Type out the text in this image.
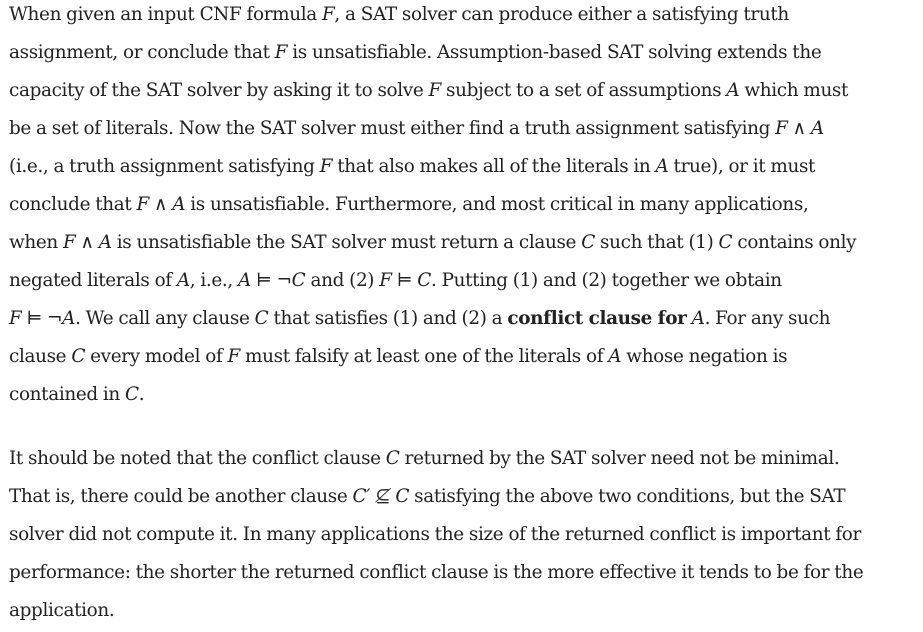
When given an input CNF formula F, a SAT solver can produce either a satisfying truth
assignment, or conclude that F is unsatisfiable. Assumption-based SAT solving extends the
capacity of the SAT solver by asking it to solve F subject to a set of assumptions A which must
be a set of literals. Now the SAT solver must either find a truth assignment satisfying F ∧ A
(i.e., a truth assignment satisfying F that also makes all of the literals in A true), or it must
conclude that F ∧ A is unsatisfiable. Furthermore, and most critical in many applications,
when F ∧ A is unsatisfiable the SAT solver must return a clause C such that (1) C contains only
negated literals of A, i.e., A ⊨ ¬C and (2) F ⊨ C. Putting (1) and (2) together we obtain
F ⊨ ¬A. We call any clause C that satisfies (1) and (2) a conflict clause for A. For any such
clause C every model of F must falsify at least one of the literals of A whose negation is
contained in C.
It should be noted that the conflict clause C returned by the SAT solver need not be minimal.
That is, there could be another clause C′ ⊈ C satisfying the above two conditions, but the SAT
solver did not compute it. In many applications the size of the returned conflict is important for
performance: the shorter the returned conflict clause is the more effective it tends to be for the
application.
